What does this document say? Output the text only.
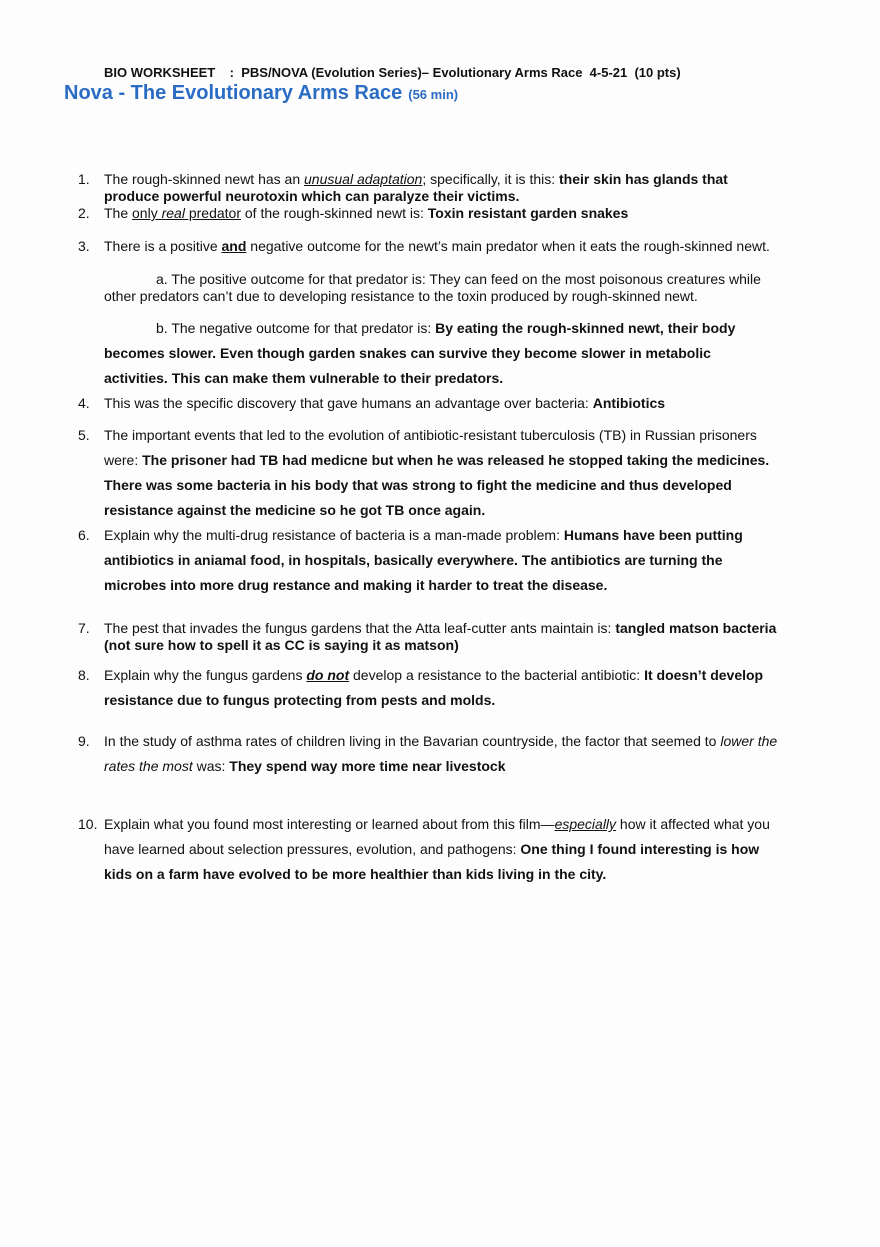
BIO WORKSHEET    :  PBS/NOVA (Evolution Series)– Evolutionary Arms Race  4-5-21  (10 pts)
Nova - The Evolutionary Arms Race (56 min)
1. The rough-skinned newt has an unusual adaptation; specifically, it is this: their skin has glands that produce powerful neurotoxin which can paralyze their victims.
2. The only real predator of the rough-skinned newt is: Toxin resistant garden snakes
3. There is a positive and negative outcome for the newt’s main predator when it eats the rough-skinned newt.
a. The positive outcome for that predator is: They can feed on the most poisonous creatures while other predators can’t due to developing resistance to the toxin produced by rough-skinned newt.
b. The negative outcome for that predator is: By eating the rough-skinned newt, their body becomes slower. Even though garden snakes can survive they become slower in metabolic activities. This can make them vulnerable to their predators.
4. This was the specific discovery that gave humans an advantage over bacteria: Antibiotics
5. The important events that led to the evolution of antibiotic-resistant tuberculosis (TB) in Russian prisoners were: The prisoner had TB had medicne but when he was released he stopped taking the medicines. There was some bacteria in his body that was strong to fight the medicine and thus developed resistance against the medicine so he got TB once again.
6. Explain why the multi-drug resistance of bacteria is a man-made problem: Humans have been putting antibiotics in aniamal food, in hospitals, basically everywhere. The antibiotics are turning the microbes into more drug restance and making it harder to treat the disease.
7. The pest that invades the fungus gardens that the Atta leaf-cutter ants maintain is: tangled matson bacteria (not sure how to spell it as CC is saying it as matson)
8. Explain why the fungus gardens do not develop a resistance to the bacterial antibiotic: It doesn’t develop resistance due to fungus protecting from pests and molds.
9. In the study of asthma rates of children living in the Bavarian countryside, the factor that seemed to lower the rates the most was: They spend way more time near livestock
10. Explain what you found most interesting or learned about from this film—especially how it affected what you have learned about selection pressures, evolution, and pathogens: One thing I found interesting is how kids on a farm have evolved to be more healthier than kids living in the city.
